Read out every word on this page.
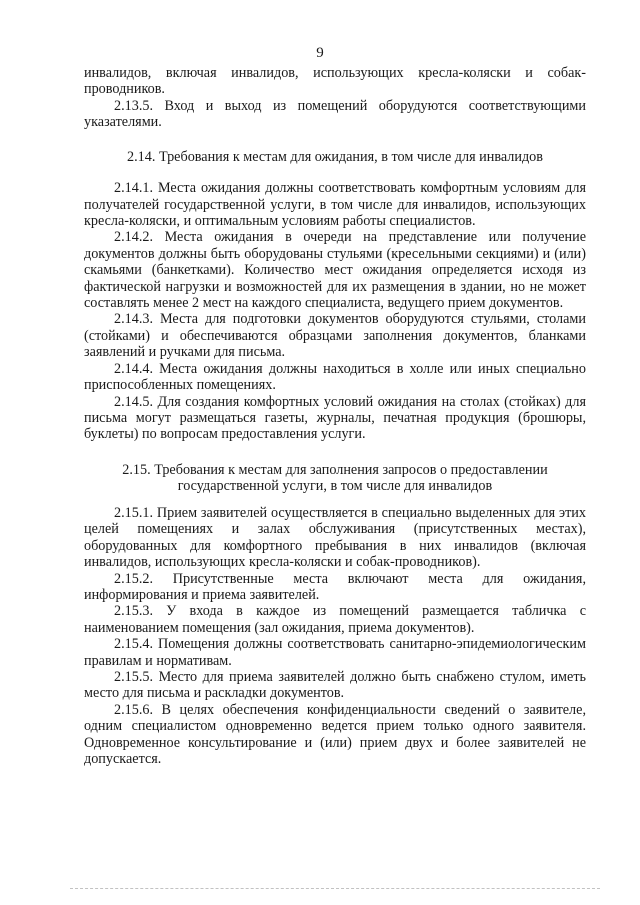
9

инвалидов, включая инвалидов, использующих кресла-коляски и собак-проводников.

2.13.5. Вход и выход из помещений оборудуются соответствующими указателями.

2.14. Требования к местам для ожидания, в том числе для инвалидов

2.14.1. Места ожидания должны соответствовать комфортным условиям для получателей государственной услуги, в том числе для инвалидов, использующих кресла-коляски, и оптимальным условиям работы специалистов.

2.14.2. Места ожидания в очереди на представление или получение документов должны быть оборудованы стульями (кресельными секциями) и (или) скамьями (банкетками). Количество мест ожидания определяется исходя из фактической нагрузки и возможностей для их размещения в здании, но не может составлять менее 2 мест на каждого специалиста, ведущего прием документов.

2.14.3. Места для подготовки документов оборудуются стульями, столами (стойками) и обеспечиваются образцами заполнения документов, бланками заявлений и ручками для письма.

2.14.4. Места ожидания должны находиться в холле или иных специально приспособленных помещениях.

2.14.5. Для создания комфортных условий ожидания на столах (стойках) для письма могут размещаться газеты, журналы, печатная продукция (брошюры, буклеты) по вопросам предоставления услуги.

2.15. Требования к местам для заполнения запросов о предоставлении

государственной услуги, в том числе для инвалидов

2.15.1. Прием заявителей осуществляется в специально выделенных для этих целей помещениях и залах обслуживания (присутственных местах), оборудованных для комфортного пребывания в них инвалидов (включая инвалидов, использующих кресла-коляски и собак-проводников).

2.15.2. Присутственные места включают места для ожидания, информирования и приема заявителей.

2.15.3. У входа в каждое из помещений размещается табличка с наименованием помещения (зал ожидания, приема документов).

2.15.4. Помещения должны соответствовать санитарно-эпидемиологическим правилам и нормативам.

2.15.5. Место для приема заявителей должно быть снабжено стулом, иметь место для письма и раскладки документов.

2.15.6. В целях обеспечения конфиденциальности сведений о заявителе, одним специалистом одновременно ведется прием только одного заявителя. Одновременное консультирование и (или) прием двух и более заявителей не допускается.
